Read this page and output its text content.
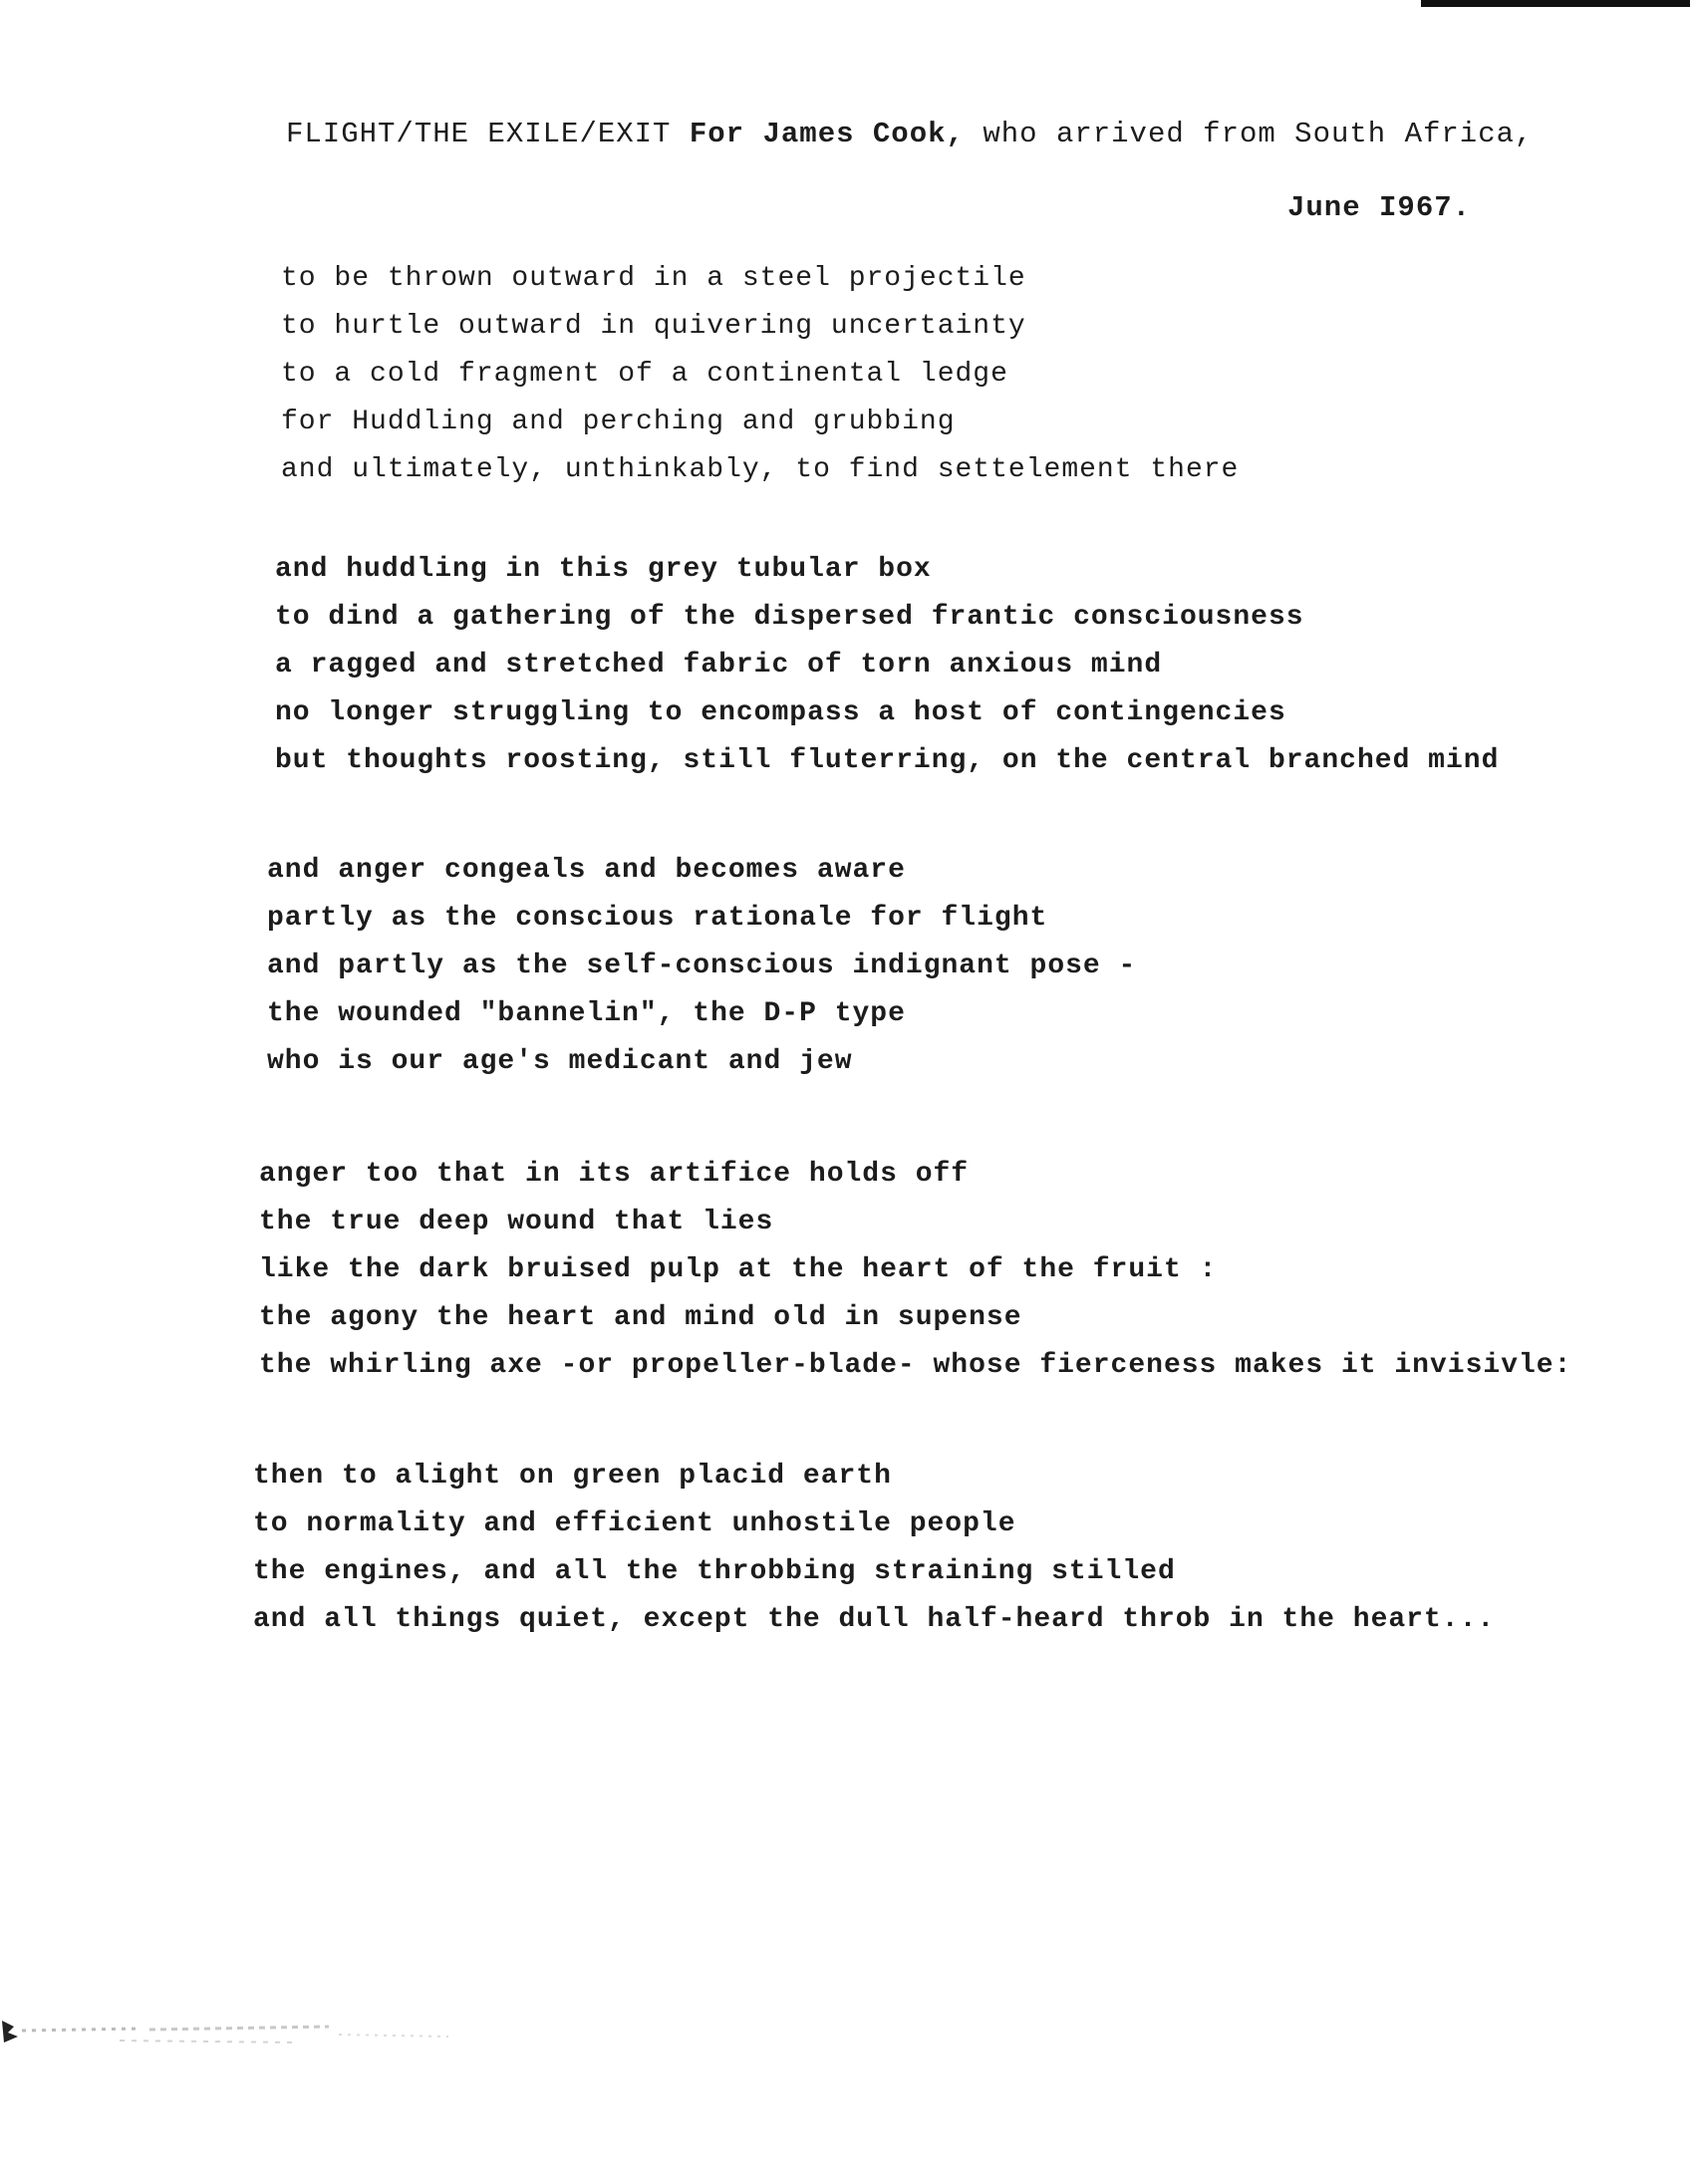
FLIGHT/THE EXILE/EXIT For James Cook, who arrived from South Africa,
June I967.
to be thrown outward in a steel projectile
to hurtle outward in quivering uncertainty
to a cold fragment of a continental ledge
for Huddling and perching and grubbing
and ultimately, unthinkably, to find settelement there
and huddling in this grey tubular box
to dind a gathering of the dispersed frantic consciousness
a ragged and stretched fabric of torn anxious mind
no longer struggling to encompass a host of contingencies
but thoughts roosting, still fluterring, on the central branched mind
and anger congeals and becomes aware
partly as the conscious rationale for flight
and partly as the self-conscious indignant pose -
the wounded "bannelin", the D-P type
who is our age's medicant and jew
anger too that in its artifice holds off
the true deep wound that lies
like the dark bruised pulp at the heart of the fruit :
the agony the heart and mind old in supense
the whirling axe -or propeller-blade- whose fierceness makes it invisivle:
then to alight on green placid earth
to normality and efficient unhostile people
the engines, and all the throbbing straining stilled
and all things quiet, except the dull half-heard throb in the heart...
